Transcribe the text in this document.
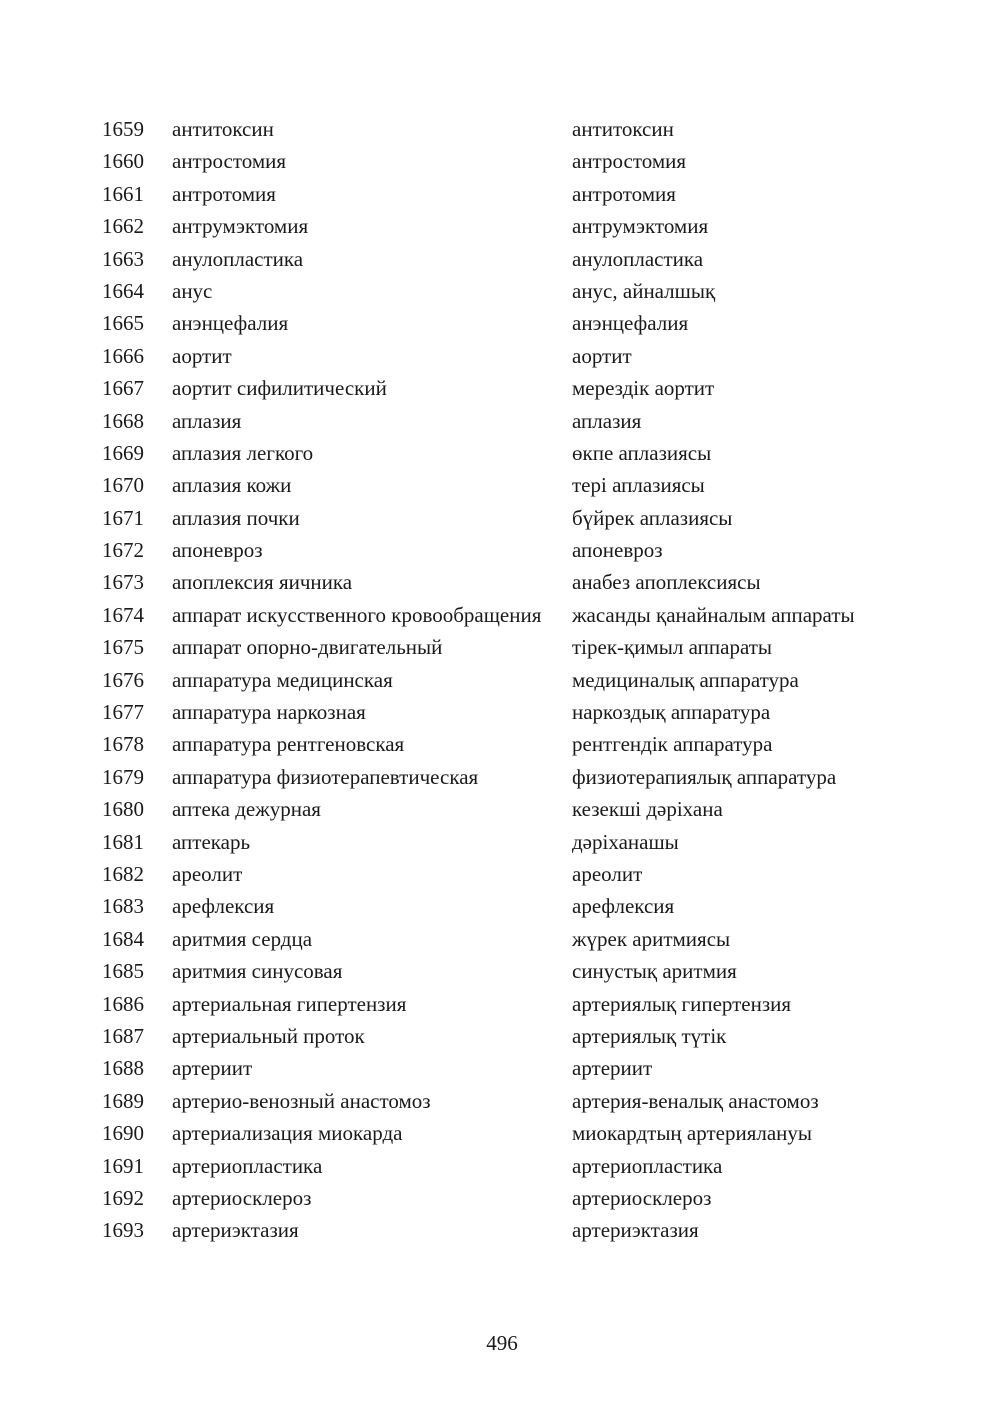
1659	антитоксин	антитоксин
1660	антростомия	антростомия
1661	антротомия	антротомия
1662	антрумэктомия	антрумэктомия
1663	анулопластика	анулопластика
1664	анус	анус, айналшық
1665	анэнцефалия	анэнцефалия
1666	аортит	аортит
1667	аортит сифилитический	мерездік аортит
1668	аплазия	аплазия
1669	аплазия легкого	өкпе аплазиясы
1670	аплазия кожи	тері аплазиясы
1671	аплазия почки	бүйрек аплазиясы
1672	апоневроз	апоневроз
1673	апоплексия яичника	анабез апоплексиясы
1674	аппарат искусственного кровообращения	жасанды қанайналым аппараты
1675	аппарат опорно-двигательный	тірек-қимыл аппараты
1676	аппаратура медицинская	медициналық аппаратура
1677	аппаратура наркозная	наркоздық аппаратура
1678	аппаратура рентгеновская	рентгендік аппаратура
1679	аппаратура физиотерапевтическая	физиотерапиялық аппаратура
1680	аптека дежурная	кезекші дәріхана
1681	аптекарь	дәріханашы
1682	ареолит	ареолит
1683	арефлексия	арефлексия
1684	аритмия сердца	жүрек аритмиясы
1685	аритмия синусовая	синустық аритмия
1686	артериальная гипертензия	артериялық гипертензия
1687	артериальный проток	артериялық түтік
1688	артериит	артериит
1689	артерио-венозный анастомоз	артерия-веналық анастомоз
1690	артериализация миокарда	миокардтың артериялануы
1691	артериопластика	артериопластика
1692	артериосклероз	артериосклероз
1693	артериэктазия	артериэктазия
496
